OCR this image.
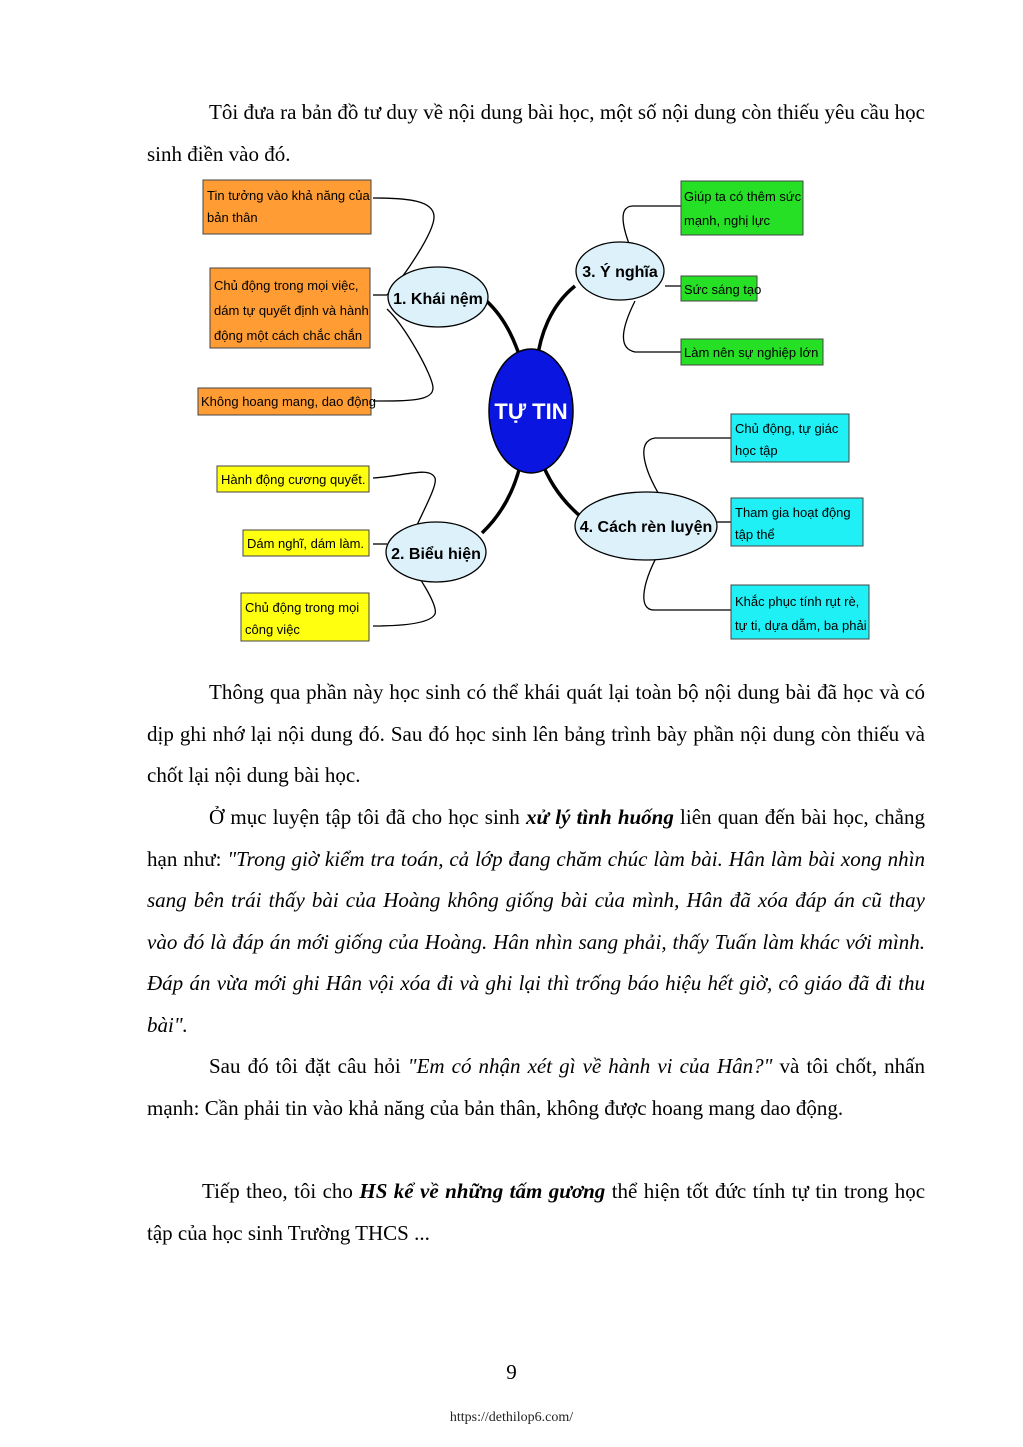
Tôi đưa ra bản đồ tư duy về nội dung bài học, một số nội dung còn thiếu yêu cầu học sinh điền vào đó.

TỰ TIN
1. Khái nệm
2. Biểu hiện
3. Ý nghĩa
4. Cách rèn luyện
Tin tưởng vào khả năng của
bản thân
Chủ động trong mọi việc,
dám tự quyết định và hành
động một cách chắc chắn
Không hoang mang, dao động
Hành động cương quyết.
Dám nghĩ, dám làm.
Chủ động trong mọi
công việc
Giúp ta có thêm sức
mạnh, nghị lực
Sức sáng tạo
Làm nên sự nghiệp lớn
Chủ động, tự giác
học tập
Tham gia hoạt động
tập thể
Khắc phục tính rụt rè,
tự ti, dựa dẫm, ba phải

Thông qua phần này học sinh có thể khái quát lại toàn bộ nội dung bài đã học và có dịp ghi nhớ lại nội dung đó. Sau đó học sinh lên bảng trình bày phần nội dung còn thiếu và chốt lại nội dung bài học.

Ở mục luyện tập tôi đã cho học sinh xử lý tình huống liên quan đến bài học, chẳng hạn như: "Trong giờ kiểm tra toán, cả lớp đang chăm chúc làm bài. Hân làm bài xong nhìn sang bên trái thấy bài của Hoàng không giống bài của mình, Hân đã xóa đáp án cũ thay vào đó là đáp án mới giống của Hoàng. Hân nhìn sang phải, thấy Tuấn làm khác với mình. Đáp án vừa mới ghi Hân vội xóa đi và ghi lại thì trống báo hiệu hết giờ, cô giáo đã đi thu bài".

Sau đó tôi đặt câu hỏi "Em có nhận xét gì về hành vi của Hân?" và tôi chốt, nhấn mạnh: Cần phải tin vào khả năng của bản thân, không được hoang mang dao động.

Tiếp theo, tôi cho HS kể về những tấm gương thể hiện tốt đức tính tự tin trong học tập của học sinh Trường THCS ...

9
https://dethilop6.com/
